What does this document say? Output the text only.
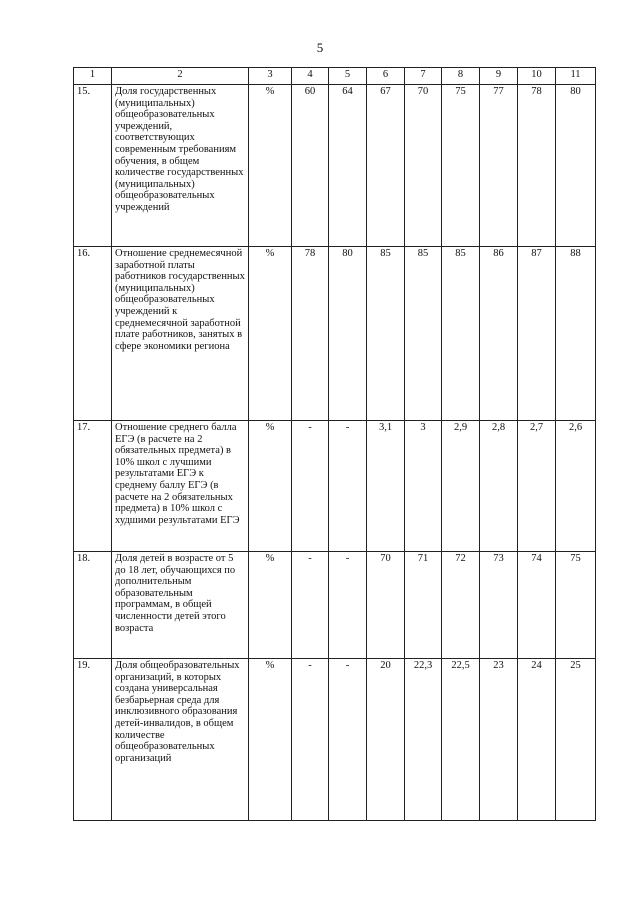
5
1	2	3	4	5	6	7	8	9	10	11
15.	Доля государственных (муниципальных) общеобразовательных учреждений, соответствующих современным требованиям обучения, в общем количестве государственных (муниципальных) общеобразовательных учреждений	%	60	64	67	70	75	77	78	80
16.	Отношение среднемесячной заработной платы работников государственных (муниципальных) общеобразовательных учреждений к среднемесячной заработной плате работников, занятых в сфере экономики региона	%	78	80	85	85	85	86	87	88
17.	Отношение среднего балла ЕГЭ (в расчете на 2 обязательных предмета) в 10% школ с лучшими результатами ЕГЭ к среднему баллу ЕГЭ (в расчете на 2 обязательных предмета) в 10% школ с худшими результатами ЕГЭ	%	-	-	3,1	3	2,9	2,8	2,7	2,6
18.	Доля детей в возрасте от 5 до 18 лет, обучающихся по дополнительным образовательным программам, в общей численности детей этого возраста	%	-	-	70	71	72	73	74	75
19.	Доля общеобразовательных организаций, в которых создана универсальная безбарьерная среда для инклюзивного образования детей-инвалидов, в общем количестве общеобразовательных организаций	%	-	-	20	22,3	22,5	23	24	25
